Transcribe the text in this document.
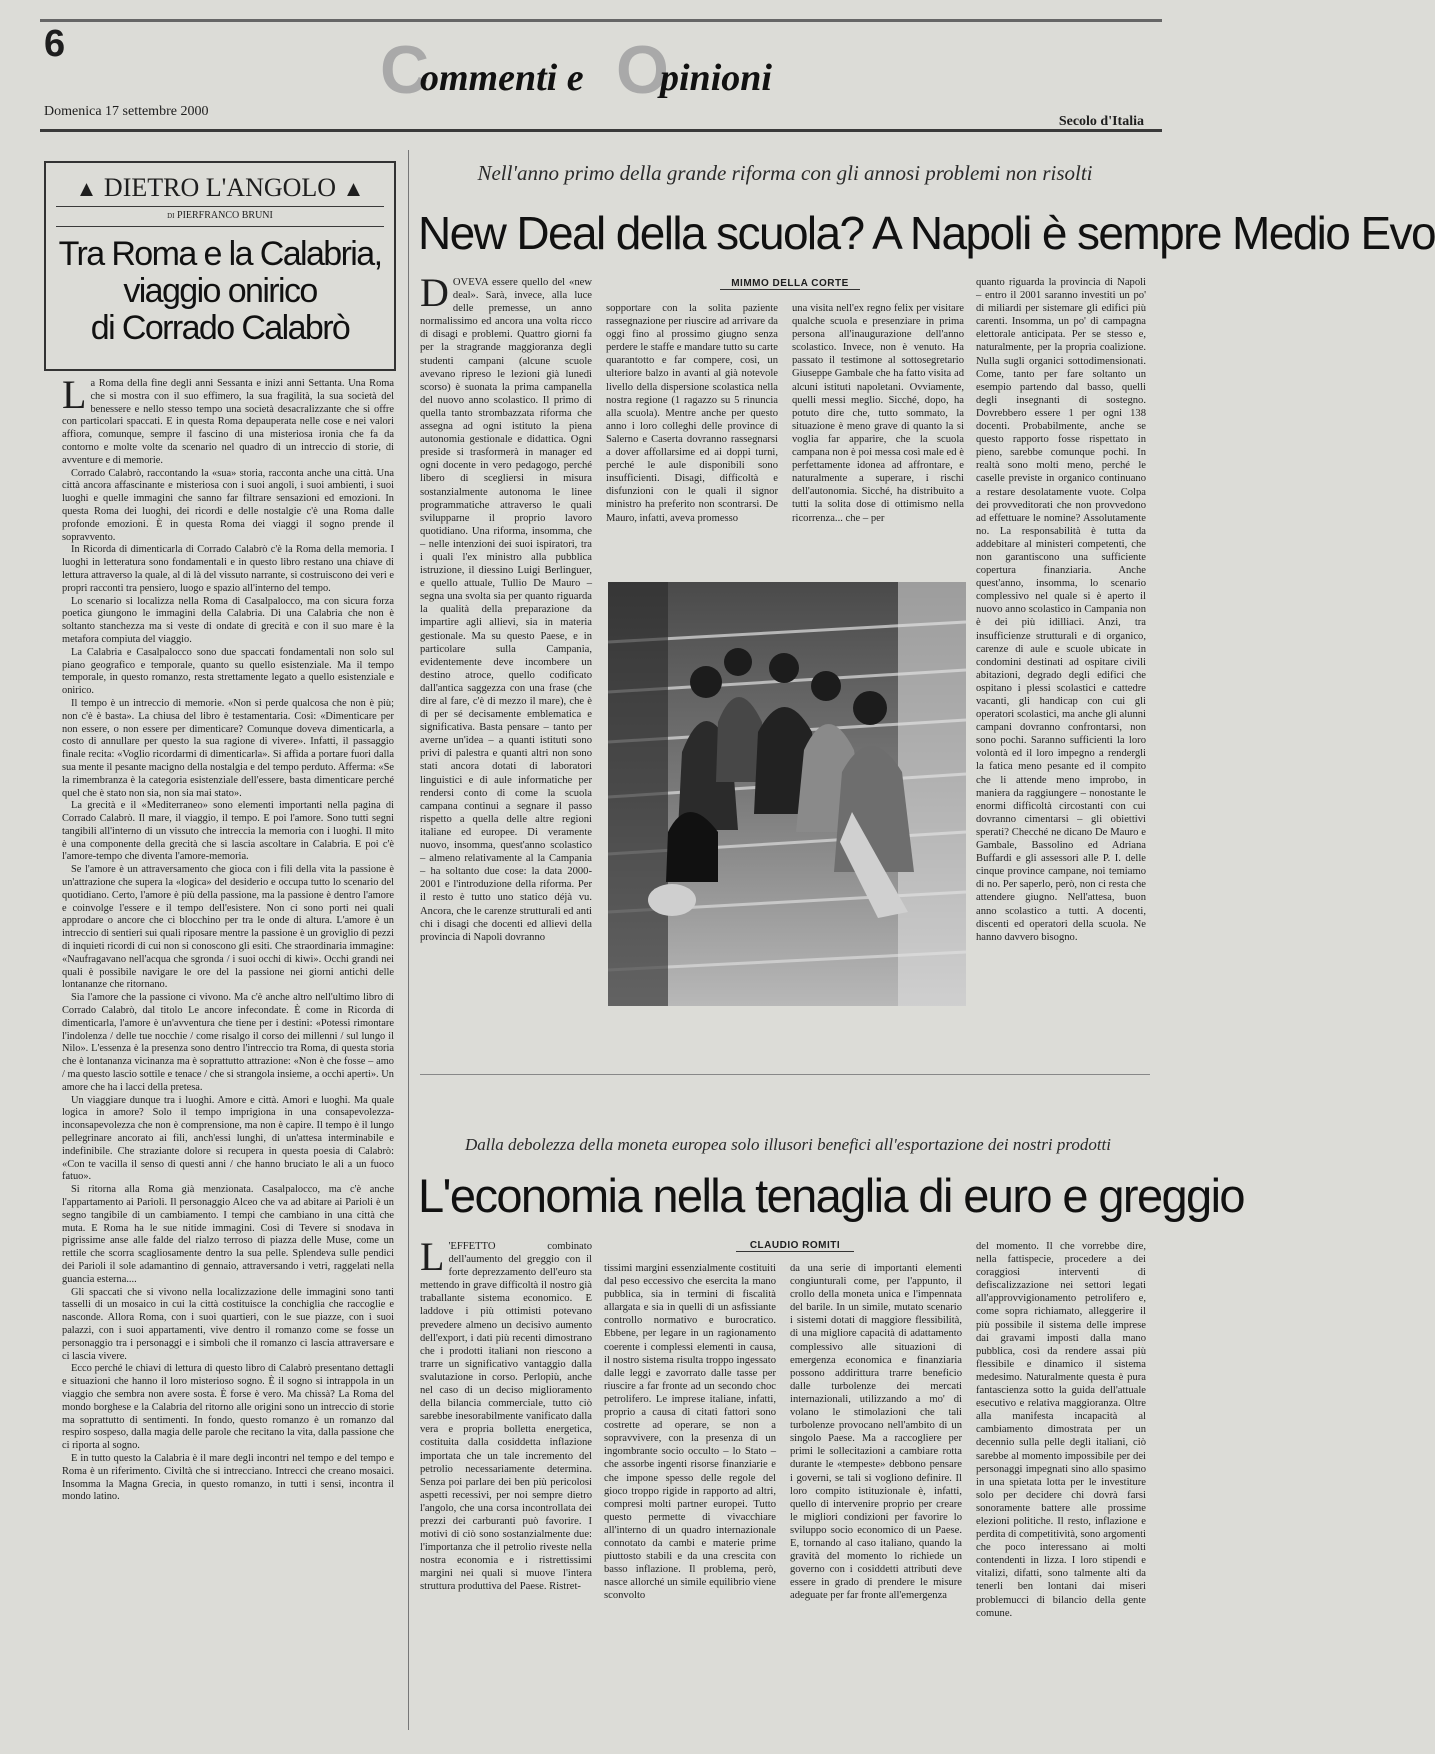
6	C
ommenti e O
pinioni
Domenica 17 settembre 2000
Secolo d'Italia
▲ DIETRO L'ANGOLO ▲
di PIERFRANCO BRUNI
Tra Roma e la Calabria,
viaggio onirico
di Corrado Calabrò

La Roma della fine degli anni Sessanta e inizi anni Settanta. Una Roma che si mostra con il suo effimero, la sua fragilità, la sua società del benessere e nello stesso tempo una società desacralizzante che si offre con particolari spaccati. E in questa Roma depauperata nelle cose e nei valori affiora, comunque, sempre il fascino di una misteriosa ironia che fa da contorno e molte volte da scenario nel quadro di un intreccio di storie, di avventure e di memorie.

Corrado Calabrò, raccontando la «sua» storia, racconta anche una città. Una città ancora affascinante e misteriosa con i suoi angoli, i suoi ambienti, i suoi luoghi e quelle immagini che sanno far filtrare sensazioni ed emozioni. In questa Roma dei luoghi, dei ricordi e delle nostalgie c'è una Roma dalle profonde emozioni. È in questa Roma dei viaggi il sogno prende il sopravvento.

In Ricorda di dimenticarla di Corrado Calabrò c'è la Roma della memoria. I luoghi in letteratura sono fondamentali e in questo libro restano una chiave di lettura attraverso la quale, al di là del vissuto narrante, si costruiscono dei veri e propri racconti tra pensiero, luogo e spazio all'interno del tempo.

Lo scenario si localizza nella Roma di Casalpalocco, ma con sicura forza poetica giungono le immagini della Calabria. Di una Calabria che non è soltanto stanchezza ma si veste di ondate di grecità e con il suo mare è la metafora compiuta del viaggio.

La Calabria e Casalpalocco sono due spaccati fondamentali non solo sul piano geografico e temporale, quanto su quello esistenziale. Ma il tempo temporale, in questo romanzo, resta strettamente legato a quello esistenziale e onirico.

Il tempo è un intreccio di memorie. «Non si perde qualcosa che non è più; non c'è è basta». La chiusa del libro è testamentaria. Così: «Dimenticare per non essere, o non essere per dimenticare? Comunque doveva dimenticarla, a costo di annullare per questo la sua ragione di vivere». Infatti, il passaggio finale recita: «Voglio ricordarmi di dimenticarla». Si affida a portare fuori dalla sua mente il pesante macigno della nostalgia e del tempo perduto. Afferma: «Se la rimembranza è la categoria esistenziale dell'essere, basta dimenticare perché quel che è stato non sia, non sia mai stato».

La grecità e il «Mediterraneo» sono elementi importanti nella pagina di Corrado Calabrò. Il mare, il viaggio, il tempo. E poi l'amore. Sono tutti segni tangibili all'interno di un vissuto che intreccia la memoria con i luoghi. Il mito è una componente della grecità che si lascia ascoltare in Calabria. E poi c'è l'amore-tempo che diventa l'amore-memoria.

Se l'amore è un attraversamento che gioca con i fili della vita la passione è un'attrazione che supera la «logica» del desiderio e occupa tutto lo scenario del quotidiano. Certo, l'amore è più della passione, ma la passione è dentro l'amore e coinvolge l'essere e il tempo dell'esistere. Non ci sono porti nei quali approdare o ancore che ci blocchino per tra le onde di altura. L'amore è un intreccio di sentieri sui quali riposare mentre la passione è un groviglio di pezzi di inquieti ricordi di cui non si conoscono gli esiti. Che straordinaria immagine: «Naufragavano nell'acqua che sgronda / i suoi occhi di kiwi». Occhi grandi nei quali è possibile navigare le ore del la passione nei giorni antichi delle lontananze che ritornano.

Sia l'amore che la passione ci vivono. Ma c'è anche altro nell'ultimo libro di Corrado Calabrò, dal titolo Le ancore infecondate. È come in Ricorda di dimenticarla, l'amore è un'avventura che tiene per i destini: «Potessi rimontare l'indolenza / delle tue nocchie / come risalgo il corso dei millenni / sul lungo il Nilo». L'essenza è la presenza sono dentro l'intreccio tra Roma, di questa storia che è lontananza vicinanza ma è soprattutto attrazione: «Non è che fosse – amo / ma questo lascio sottile e tenace / che si strangola insieme, a occhi aperti». Un amore che ha i lacci della pretesa.

Un viaggiare dunque tra i luoghi. Amore e città. Amori e luoghi. Ma quale logica in amore? Solo il tempo imprigiona in una consapevolezza-inconsapevolezza che non è comprensione, ma non è capire. Il tempo è il lungo pellegrinare ancorato ai fili, anch'essi lunghi, di un'attesa interminabile e indefinibile. Che straziante dolore si recupera in questa poesia di Calabrò: «Con te vacilla il senso di questi anni / che hanno bruciato le ali a un fuoco fatuo».

Si ritorna alla Roma già menzionata. Casalpalocco, ma c'è anche l'appartamento ai Parioli. Il personaggio Alceo che va ad abitare ai Parioli è un segno tangibile di un cambiamento. I tempi che cambiano in una città che muta. E Roma ha le sue nitide immagini. Così di Tevere si snodava in pigrissime anse alle falde del rialzo terroso di piazza delle Muse, come un rettile che scorra scagliosamente dentro la sua pelle. Splendeva sulle pendici dei Parioli il sole adamantino di gennaio, attraversando i vetri, raggelati nella guancia esterna....

Gli spaccati che si vivono nella localizzazione delle immagini sono tanti tasselli di un mosaico in cui la città costituisce la conchiglia che raccoglie e nasconde. Allora Roma, con i suoi quartieri, con le sue piazze, con i suoi palazzi, con i suoi appartamenti, vive dentro il romanzo come se fosse un personaggio tra i personaggi e i simboli che il romanzo ci lascia attraversare e ci lascia vivere.

Ecco perché le chiavi di lettura di questo libro di Calabrò presentano dettagli e situazioni che hanno il loro misterioso sogno. È il sogno si intrappola in un viaggio che sembra non avere sosta. È forse è vero. Ma chissà? La Roma del mondo borghese e la Calabria del ritorno alle origini sono un intreccio di storie ma soprattutto di sentimenti. In fondo, questo romanzo è un romanzo dal respiro sospeso, dalla magia delle parole che recitano la vita, dalla passione che ci riporta al sogno.

E in tutto questo la Calabria è il mare degli incontri nel tempo e del tempo e Roma è un riferimento. Civiltà che si intrecciano. Intrecci che creano mosaici. Insomma la Magna Grecia, in questo romanzo, in tutti i sensi, incontra il mondo latino.

Nell'anno primo della grande riforma con gli annosi problemi non risolti
New Deal della scuola? A Napoli è sempre Medio Evo
MIMMO DELLA CORTE

DOVEVA essere quello del «new deal». Sarà, invece, alla luce delle premesse, un anno normalissimo ed ancora una volta ricco di disagi e problemi. Quattro giorni fa per la stragrande maggioranza degli studenti campani (alcune scuole avevano ripreso le lezioni già lunedì scorso) è suonata la prima campanella del nuovo anno scolastico. Il primo di quella tanto strombazzata riforma che assegna ad ogni istituto la piena autonomia gestionale e didattica. Ogni preside si trasformerà in manager ed ogni docente in vero pedagogo, perché libero di scegliersi in misura sostanzialmente autonoma le linee programmatiche attraverso le quali svilupparne il proprio lavoro quotidiano. Una riforma, insomma, che – nelle intenzioni dei suoi ispiratori, tra i quali l'ex ministro alla pubblica istruzione, il diessino Luigi Berlinguer, e quello attuale, Tullio De Mauro – segna una svolta sia per quanto riguarda la qualità della preparazione da impartire agli allievi, sia in materia gestionale. Ma su questo Paese, e in particolare sulla Campania, evidentemente deve incombere un destino atroce, quello codificato dall'antica saggezza con una frase (che dire al fare, c'è di mezzo il mare), che è di per sé decisamente emblematica e significativa. Basta pensare – tanto per averne un'idea – a quanti istituti sono privi di palestra e quanti altri non sono stati ancora dotati di laboratori linguistici e di aule informatiche per rendersi conto di come la scuola campana continui a segnare il passo rispetto a quella delle altre regioni italiane ed europee. Di veramente nuovo, insomma, quest'anno scolastico – almeno relativamente al la Campania – ha soltanto due cose: la data 2000-2001 e l'introduzione della riforma. Per il resto è tutto uno statico déjà vu. Ancora, che le carenze strutturali ed anti chi i disagi che docenti ed allievi della provincia di Napoli dovranno

sopportare con la solita paziente rassegnazione per riuscire ad arrivare da oggi fino al prossimo giugno senza perdere le staffe e mandare tutto su carte quarantotto e far compere, così, un ulteriore balzo in avanti al già notevole livello della dispersione scolastica nella nostra regione (1 ragazzo su 5 rinuncia alla scuola). Mentre anche per questo anno i loro colleghi delle province di Salerno e Caserta dovranno rassegnarsi a dover affollarsime ed ai doppi turni, perché le aule disponibili sono insufficienti. Disagi, difficoltà e disfunzioni con le quali il signor ministro ha preferito non scontrarsi. De Mauro, infatti, aveva promesso

una visita nell'ex regno felix per visitare qualche scuola e presenziare in prima persona all'inaugurazione dell'anno scolastico. Invece, non è venuto. Ha passato il testimone al sottosegretario Giuseppe Gambale che ha fatto visita ad alcuni istituti napoletani. Ovviamente, quelli messi meglio. Sicché, dopo, ha potuto dire che, tutto sommato, la situazione è meno grave di quanto la si voglia far apparire, che la scuola campana non è poi messa così male ed è perfettamente idonea ad affrontare, e naturalmente a superare, i rischi dell'autonomia. Sicché, ha distribuito a tutti la solita dose di ottimismo nella ricorrenza... che – per

quanto riguarda la provincia di Napoli – entro il 2001 saranno investiti un po' di miliardi per sistemare gli edifici più carenti. Insomma, un po' di campagna elettorale anticipata. Per se stesso e, naturalmente, per la propria coalizione. Nulla sugli organici sottodimensionati. Come, tanto per fare soltanto un esempio partendo dal basso, quelli degli insegnanti di sostegno. Dovrebbero essere 1 per ogni 138 docenti. Probabilmente, anche se questo rapporto fosse rispettato in pieno, sarebbe comunque pochi. In realtà sono molti meno, perché le caselle previste in organico continuano a restare desolatamente vuote. Colpa dei provveditorati che non provvedono ad effettuare le nomine? Assolutamente no. La responsabilità è tutta da addebitare al ministeri competenti, che non garantiscono una sufficiente copertura finanziaria. Anche quest'anno, insomma, lo scenario complessivo nel quale si è aperto il nuovo anno scolastico in Campania non è dei più idilliaci. Anzi, tra insufficienze strutturali e di organico, carenze di aule e scuole ubicate in condomini destinati ad ospitare civili abitazioni, degrado degli edifici che ospitano i plessi scolastici e cattedre vacanti, gli handicap con cui gli operatori scolastici, ma anche gli alunni campani dovranno confrontarsi, non sono pochi. Saranno sufficienti la loro volontà ed il loro impegno a rendergli la fatica meno pesante ed il compito che li attende meno improbo, in maniera da raggiungere – nonostante le enormi difficoltà circostanti con cui dovranno cimentarsi – gli obiettivi sperati? Checché ne dicano De Mauro e Gambale, Bassolino ed Adriana Buffardi e gli assessori alle P. I. delle cinque province campane, noi temiamo di no. Per saperlo, però, non ci resta che attendere giugno. Nell'attesa, buon anno scolastico a tutti. A docenti, discenti ed operatori della scuola. Ne hanno davvero bisogno.

Dalla debolezza della moneta europea solo illusori benefici all'esportazione dei nostri prodotti
L'economia nella tenaglia di euro e greggio
CLAUDIO ROMITI

L 'EFFETTO combinato dell'aumento del greggio con il forte deprezzamento dell'euro sta mettendo in grave difficoltà il nostro già traballante sistema economico. E laddove i più ottimisti potevano prevedere almeno un decisivo aumento dell'export, i dati più recenti dimostrano che i prodotti italiani non riescono a trarre un significativo vantaggio dalla svalutazione in corso. Perlopiù, anche nel caso di un deciso miglioramento della bilancia commerciale, tutto ciò sarebbe inesorabilmente vanificato dalla vera e propria bolletta energetica, costituita dalla cosiddetta inflazione importata che un tale incremento del petrolio necessariamente determina. Senza poi parlare dei ben più pericolosi aspetti recessivi, per noi sempre dietro l'angolo, che una corsa incontrollata dei prezzi dei carburanti può favorire. I motivi di ciò sono sostanzialmente due: l'importanza che il petrolio riveste nella nostra economia e i ristrettissimi margini nei quali si muove l'intera struttura produttiva del Paese. Ristret-

tissimi margini essenzialmente costituiti dal peso eccessivo che esercita la mano pubblica, sia in termini di fiscalità allargata e sia in quelli di un asfissiante controllo normativo e burocratico. Ebbene, per legare in un ragionamento coerente i complessi elementi in causa, il nostro sistema risulta troppo ingessato dalle leggi e zavorrato dalle tasse per riuscire a far fronte ad un secondo choc petrolifero. Le imprese italiane, infatti, proprio a causa di citati fattori sono costrette ad operare, se non a sopravvivere, con la presenza di un ingombrante socio occulto – lo Stato – che assorbe ingenti risorse finanziarie e che impone spesso delle regole del gioco troppo rigide in rapporto ad altri, compresi molti partner europei. Tutto questo permette di vivacchiare all'interno di un quadro internazionale connotato da cambi e materie prime piuttosto stabili e da una crescita con basso inflazione. Il problema, però, nasce allorché un simile equilibrio viene sconvolto

da una serie di importanti elementi congiunturali come, per l'appunto, il crollo della moneta unica e l'impennata del barile. In un simile, mutato scenario i sistemi dotati di maggiore flessibilità, di una migliore capacità di adattamento complessivo alle situazioni di emergenza economica e finanziaria possono addirittura trarre beneficio dalle turbolenze dei mercati internazionali, utilizzando a mo' di volano le stimolazioni che tali turbolenze provocano nell'ambito di un singolo Paese. Ma a raccogliere per primi le sollecitazioni a cambiare rotta durante le «tempeste» debbono pensare i governi, se tali si vogliono definire. Il loro compito istituzionale è, infatti, quello di intervenire proprio per creare le migliori condizioni per favorire lo sviluppo socio economico di un Paese. E, tornando al caso italiano, quando la gravità del momento lo richiede un governo con i cosiddetti attributi deve essere in grado di prendere le misure adeguate per far fronte all'emergenza

del momento. Il che vorrebbe dire, nella fattispecie, procedere a dei coraggiosi interventi di defiscalizzazione nei settori legati all'approvvigionamento petrolifero e, come sopra richiamato, alleggerire il più possibile il sistema delle imprese dai gravami imposti dalla mano pubblica, così da rendere assai più flessibile e dinamico il sistema medesimo. Naturalmente questa è pura fantascienza sotto la guida dell'attuale esecutivo e relativa maggioranza. Oltre alla manifesta incapacità al cambiamento dimostrata per un decennio sulla pelle degli italiani, ciò sarebbe al momento impossibile per dei personaggi impegnati sino allo spasimo in una spietata lotta per le investiture solo per decidere chi dovrà farsi sonoramente battere alle prossime elezioni politiche. Il resto, inflazione e perdita di competitività, sono argomenti che poco interessano ai molti contendenti in lizza. I loro stipendi e vitalizi, difatti, sono talmente alti da tenerli ben lontani dai miseri problemucci di bilancio della gente comune.
